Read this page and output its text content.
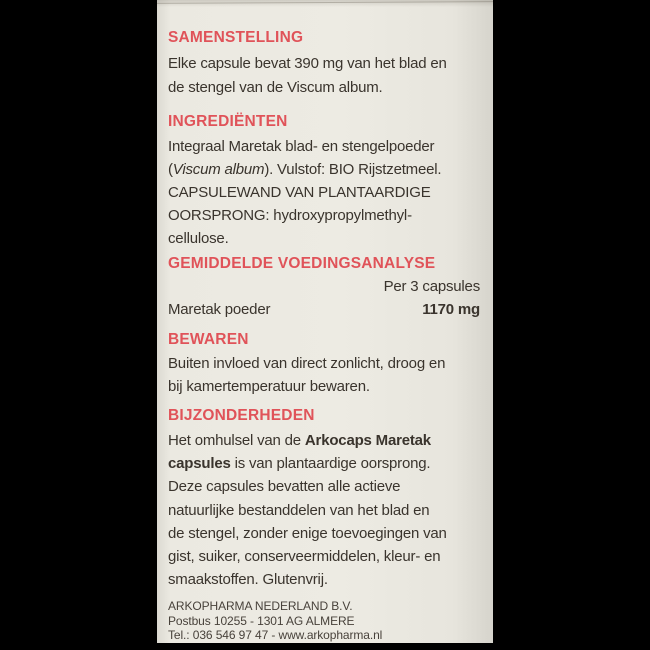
SAMENSTELLING
Elke capsule bevat 390 mg van het blad en
de stengel van de Viscum album.
INGREDIËNTEN
Integraal Maretak blad- en stengelpoeder
(Viscum album). Vulstof: BIO Rijstzetmeel.
CAPSULEWAND VAN PLANTAARDIGE
OORSPRONG: hydroxypropylmethyl-
cellulose.
GEMIDDELDE VOEDINGSANALYSE
Per 3 capsules
Maretak poeder	1170 mg
BEWAREN
Buiten invloed van direct zonlicht, droog en
bij kamertemperatuur bewaren.
BIJZONDERHEDEN
Het omhulsel van de Arkocaps Maretak
capsules is van plantaardige oorsprong.
Deze capsules bevatten alle actieve
natuurlijke bestanddelen van het blad en
de stengel, zonder enige toevoegingen van
gist, suiker, conserveermiddelen, kleur- en
smaakstoffen. Glutenvrij.
ARKOPHARMA NEDERLAND B.V.
Postbus 10255 - 1301 AG ALMERE
Tel.: 036 546 97 47 - www.arkopharma.nl
